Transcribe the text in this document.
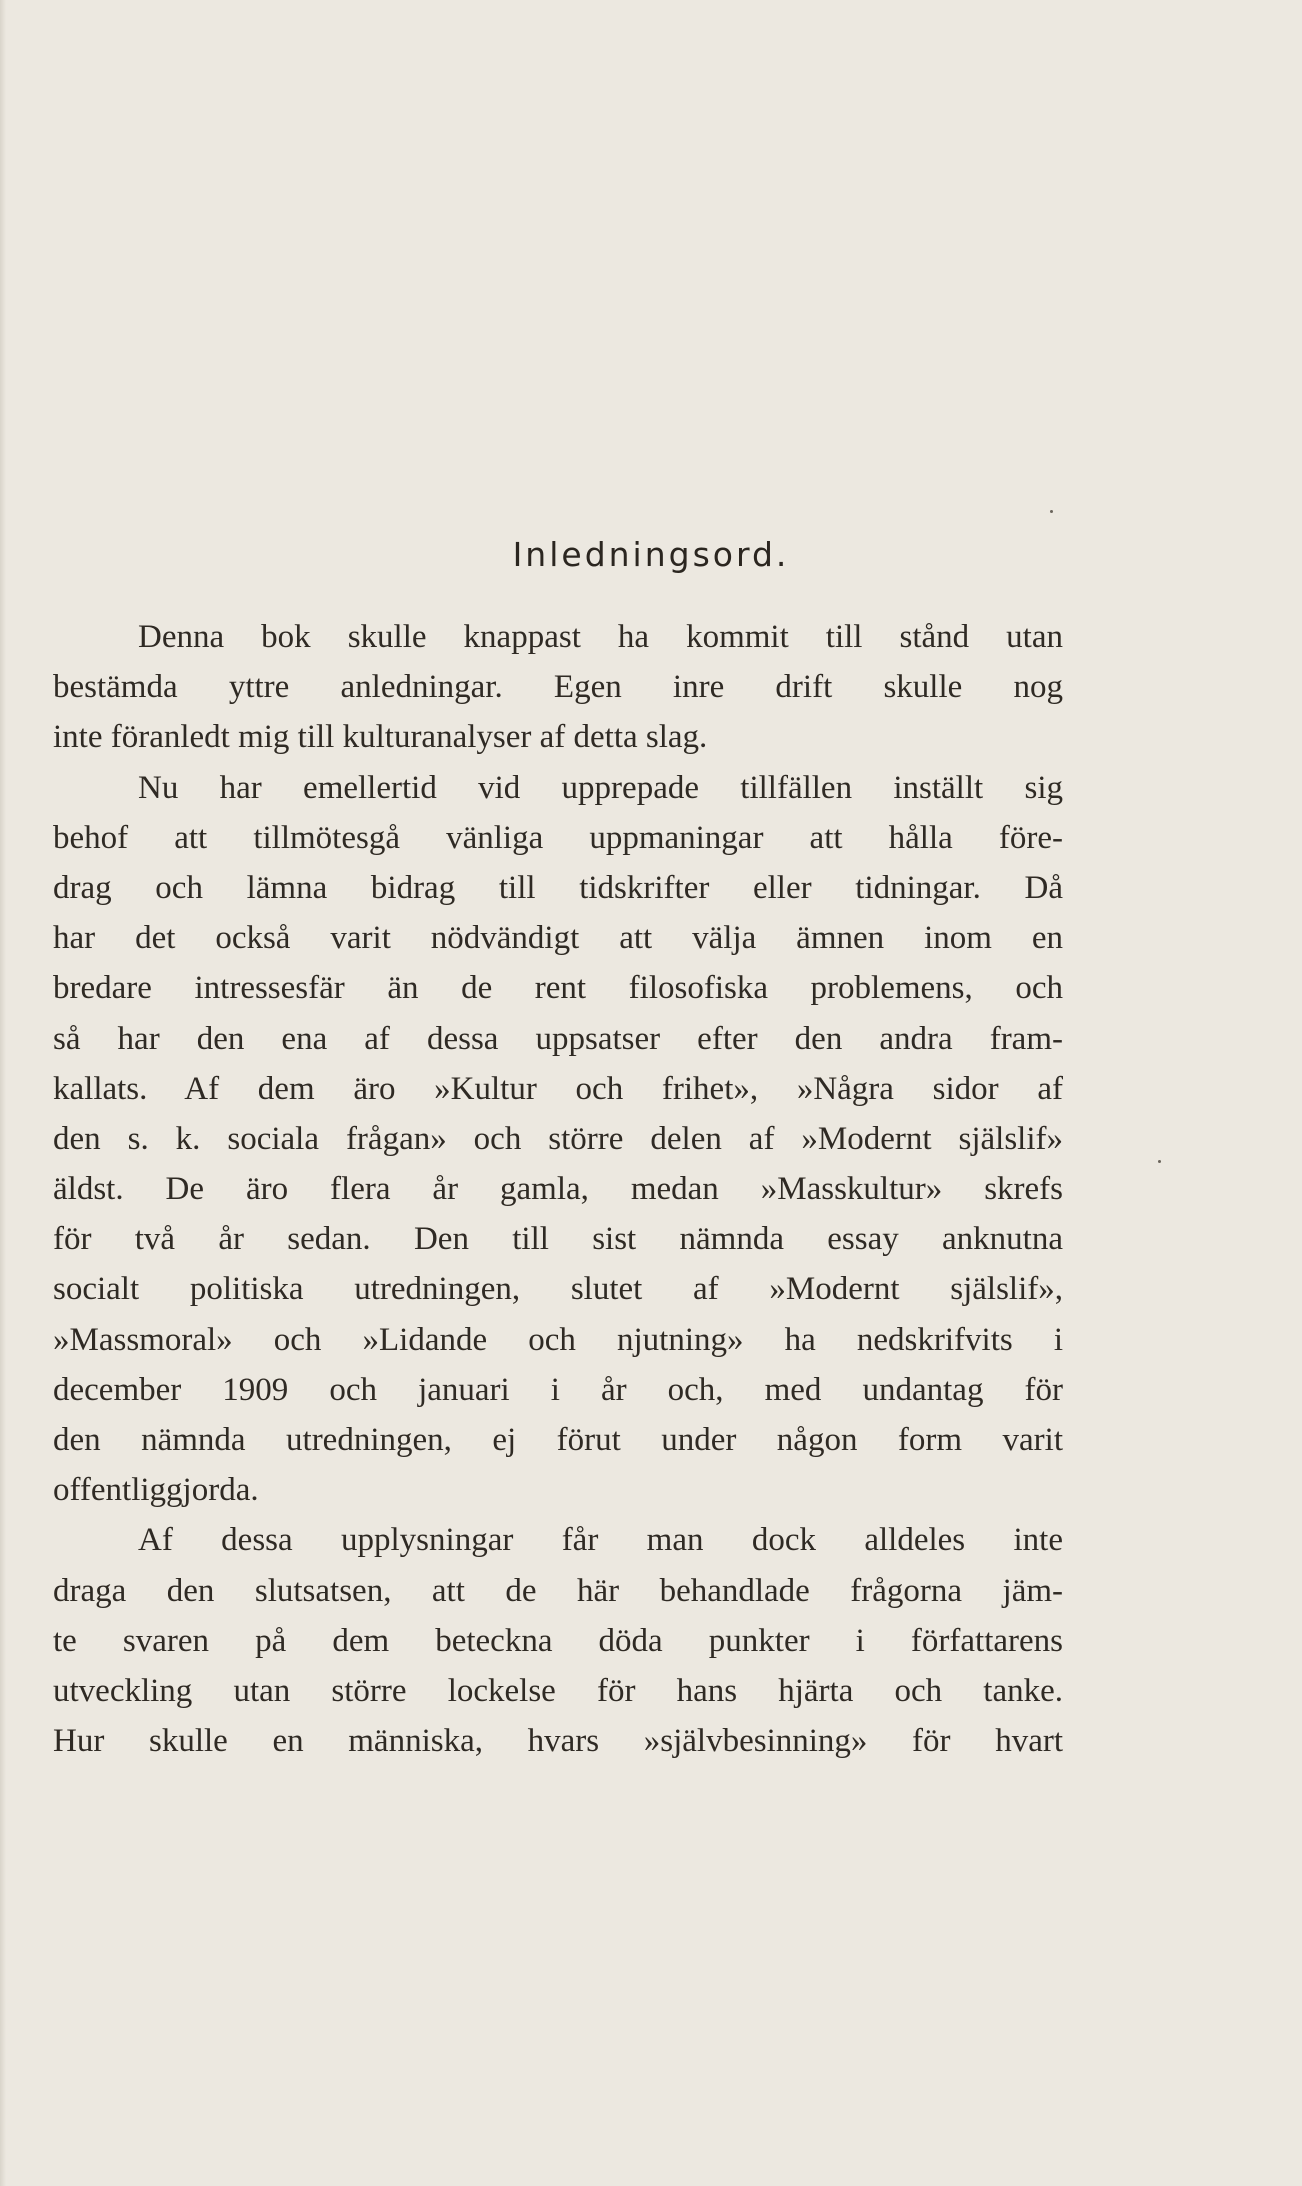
Inledningsord.
Denna bok skulle knappast ha kommit till stånd utan
bestämda yttre anledningar. Egen inre drift skulle nog
inte föranledt mig till kulturanalyser af detta slag.
Nu har emellertid vid upprepade tillfällen inställt sig
behof att tillmötesgå vänliga uppmaningar att hålla före-
drag och lämna bidrag till tidskrifter eller tidningar. Då
har det också varit nödvändigt att välja ämnen inom en
bredare intressesfär än de rent filosofiska problemens, och
så har den ena af dessa uppsatser efter den andra fram-
kallats. Af dem äro »Kultur och frihet», »Några sidor af
den s. k. sociala frågan» och större delen af »Modernt själslif»
äldst. De äro flera år gamla, medan »Masskultur» skrefs
för två år sedan. Den till sist nämnda essay anknutna
socialt politiska utredningen, slutet af »Modernt själslif»,
»Massmoral» och »Lidande och njutning» ha nedskrifvits i
december 1909 och januari i år och, med undantag för
den nämnda utredningen, ej förut under någon form varit
offentliggjorda.
Af dessa upplysningar får man dock alldeles inte
draga den slutsatsen, att de här behandlade frågorna jäm-
te svaren på dem beteckna döda punkter i författarens
utveckling utan större lockelse för hans hjärta och tanke.
Hur skulle en människa, hvars »självbesinning» för hvart
